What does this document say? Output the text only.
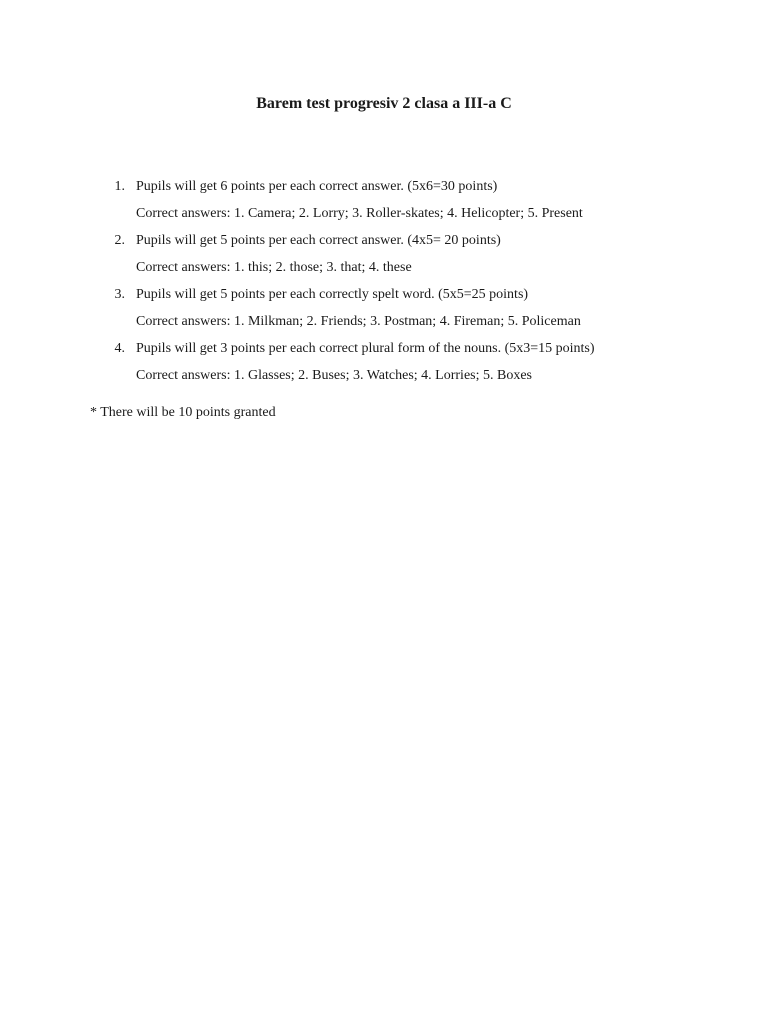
Barem test progresiv 2 clasa a III-a C
1. Pupils will get 6 points per each correct answer. (5x6=30 points)
Correct answers: 1. Camera; 2. Lorry; 3. Roller-skates; 4. Helicopter; 5. Present
2. Pupils will get 5 points per each correct answer. (4x5= 20 points)
Correct answers: 1. this; 2. those; 3. that; 4. these
3. Pupils will get 5 points per each correctly spelt word. (5x5=25 points)
Correct answers: 1. Milkman; 2. Friends; 3. Postman; 4. Fireman; 5. Policeman
4. Pupils will get 3 points per each correct plural form of the nouns. (5x3=15 points)
Correct answers: 1. Glasses; 2. Buses; 3. Watches; 4. Lorries; 5. Boxes
* There will be 10 points granted
